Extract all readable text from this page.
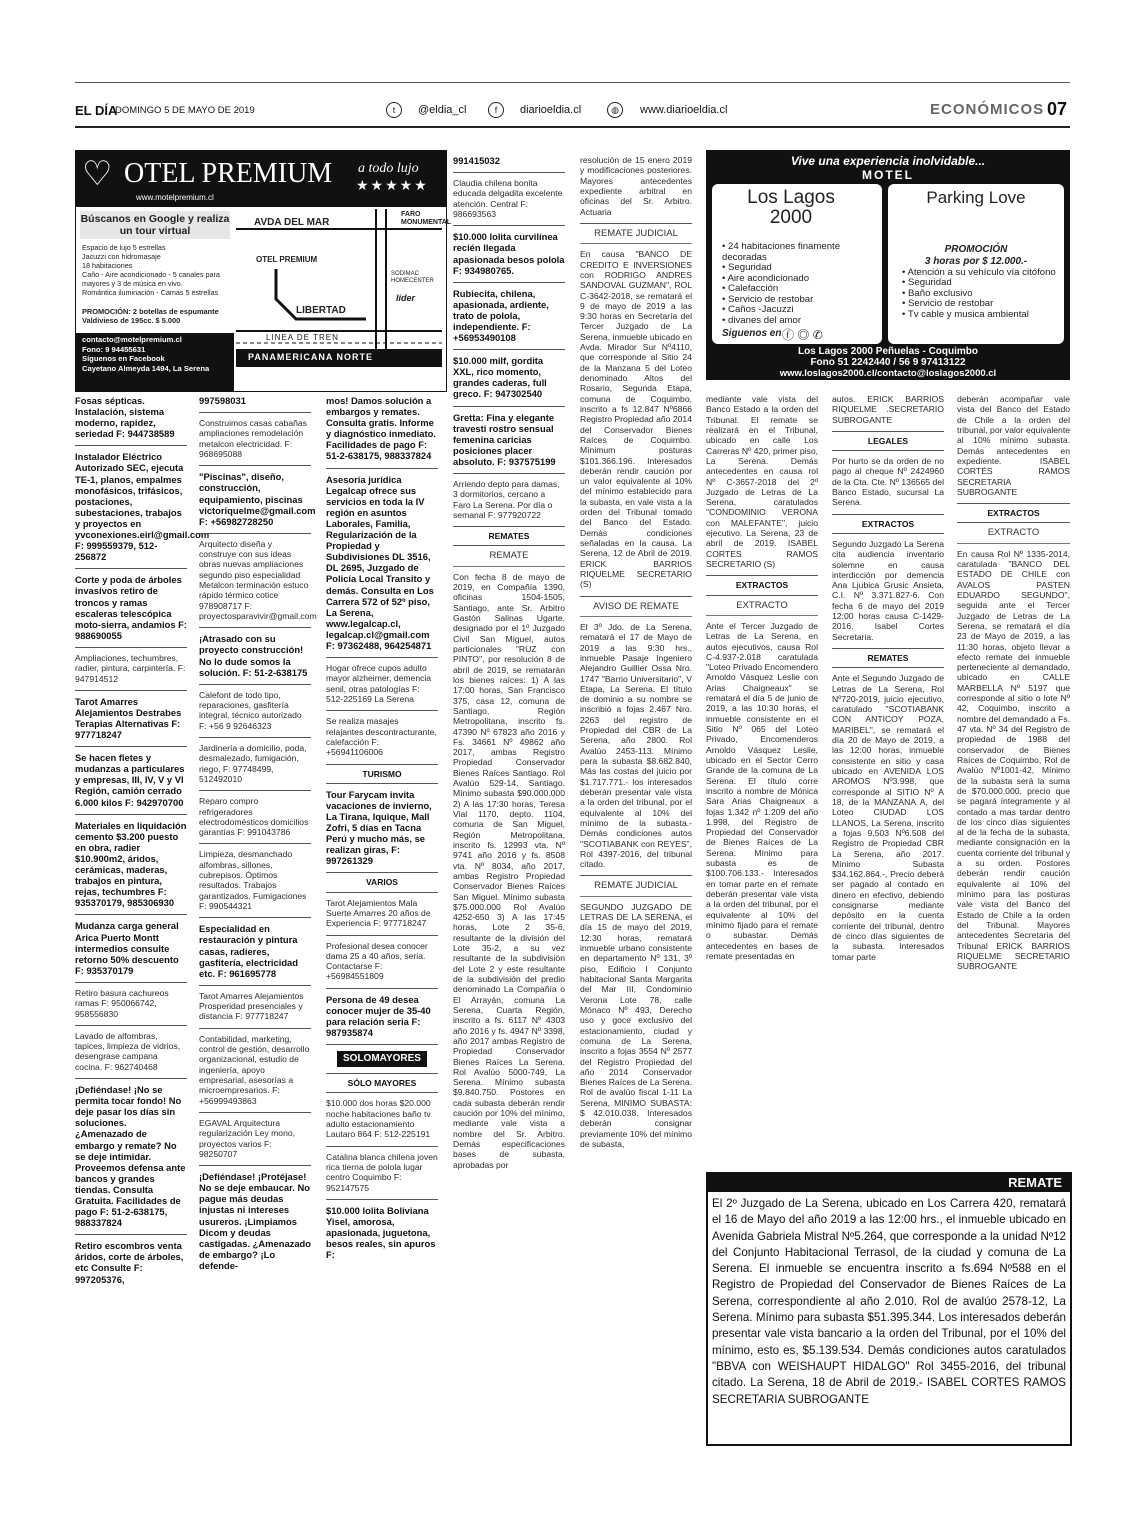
EL DÍA
DOMINGO 5 DE MAYO DE 2019	t	@eldia_cl	f	diarioeldia.cl	◍	www.diarioeldia.cl	ECONÓMICOS 07
♡ OTEL PREMIUM a todo lujo
★★★★★
www.motelpremium.cl
Búscanos en Google y realiza un tour virtual
Espacio de lujo 5 estrellas
Jacuzzi con hidromasaje
18 habitaciones
Caño - Aire acondicionado - 5 canales para mayores y 3 de música en vivo.
Romántica iluminación - Camas 5 estrellas
PROMOCIÓN: 2 botellas de espumante Valdivieso de 195cc. $ 5.000
contacto@motelpremium.cl
Fono: 9 94455631
Síguenos en Facebook
Cayetano Almeyda 1494, La Serena
AVDA DEL MAR
FARO MONUMENTAL
OTEL PREMIUM
SODIMAC HOMECENTER
líder
LIBERTAD
LINEA DE TREN
PANAMERICANA NORTE
Vive una experiencia inolvidable...
MOTEL
Los Lagos 2000
• 24 habitaciones finamente decoradas
• Seguridad
• Aire acondicionado
• Calefacción
• Servicio de restobar
• Caños -Jacuzzi
• divanes del amor
Siguenos en ⓕ ◎ ✆
Parking Love
PROMOCIÓN
3 horas por $ 12.000.-
• Atención a su vehículo vía citófono
• Seguridad
• Baño exclusivo
• Servicio de restobar
• Tv cable y musica ambiental
Los Lagos 2000 Peñuelas - Coquimbo
Fono 51 2242440 / 56 9 97413122
www.loslagos2000.cl/contacto@loslagos2000.cl

Fosas sépticas. Instalación, sistema moderno, rapidez, seriedad F: 944738589

Instalador Eléctrico Autorizado SEC, ejecuta TE-1, planos, empalmes monofásicos, trifásicos, postaciones, subestaciones, trabajos y proyectos en yvconexiones.eirl@gmail.com F: 999559379, 512-256872

Corte y poda de árboles invasivos retiro de troncos y ramas escaleras telescópica moto-sierra, andamios F: 988690055

Ampliaciones, techumbres, radier, pintura, carpintería. F: 947914512

Tarot Amarres Alejamientos Destrabes Terapias Alternativas F: 977718247

Se hacen fletes y mudanzas a particulares y empresas, III, IV, V y VI Región, camión cerrado 6.000 kilos F: 942970700

Materiales en liquidación cemento $3.200 puesto en obra, radier $10.900m2, áridos, cerámicas, maderas, trabajos en pintura, rejas, techumbres F: 935370179, 985306930

Mudanza carga general Arica Puerto Montt intermedios consulte retorno 50% descuento F: 935370179

Retiro basura cachureos ramas F: 950066742, 958556830

Lavado de alfombras, tapices, limpieza de vidrios, desengrase campana cocina. F: 962740468

¡Defiéndase! ¡No se permita tocar fondo! No deje pasar los días sin soluciones. ¿Amenazado de embargo y remate? No se deje intimidar. Proveemos defensa ante bancos y grandes tiendas. Consulta Gratuita. Facilidades de pago F: 51-2-638175, 988337824

Retiro escombros venta áridos, corte de árboles, etc Consulte F: 997205376,

997598031

Construimos casas cabañas ampliaciones remodelación metalcon electricidad. F: 968695088

"Piscinas", diseño, construcción, equipamiento, piscinas victoriquelme@gmail.com F: +56982728250

Arquitecto diseña y construye con sus ideas obras nuevas ampliaciones segundo piso especialidad Metalcon terminación estuco rápido térmico cotice 978908717 F: proyectosparavivir@gmail.com

¡Atrasado con su proyecto construcción! No lo dude somos la solución. F: 51-2-638175

Calefont de todo tipo, reparaciones, gasfitería integral, técnico autorizado F: +56 9 92646323

Jardinería a domicilio, poda, desmalezado, fumigación, riego, F: 97748499, 512492010

Reparo compro refrigeradores electrodomésticos domicilios garantías F: 991043786

Limpieza, desmanchado alfombras, sillones, cubrepisos. Óptimos resultados. Trabajos garantizados. Fumigaciones F: 990544321

Especialidad en restauración y pintura casas, radieres, gasfitería, electricidad etc. F: 961695778

Tarot Amarres Alejamientos Prosperidad presenciales y distancia F: 977718247

Contabilidad, marketing, control de gestión, desarrollo organizacional, estudio de ingeniería, apoyo empresarial, asesorías a microempresarios. F: +56999493863

EGAVAL Arquitectura regularización Ley mono, proyectos varios F: 98250707

¡Defiéndase! ¡Protéjase! No se deje embaucar. No pague más deudas injustas ni intereses usureros. ¡Limpiamos Dicom y deudas castigadas. ¿Amenazado de embargo? ¡Lo defende-

mos! Damos solución a embargos y remates. Consulta gratis. Informe y diagnóstico inmediato. Facilidades de pago F: 51-2-638175, 988337824

Asesoría jurídica Legalcap ofrece sus servicios en toda la IV región en asuntos Laborales, Familia, Regularización de la Propiedad y Subdivisiones DL 3516, DL 2695, Juzgado de Policía Local Transito y demás. Consulta en Los Carrera 572 of 52º piso, La Serena, www.legalcap.cl, legalcap.cl@gmail.com F: 97362488, 964254871

Hogar ofrece cupos adulto mayor alzheimer, demencia senil, otras patologías F: 512-225169 La Serena

Se realiza masajes relajantes descontracturante, calefacción F: +56941106006

TURISMO

Tour Farycam invita vacaciones de invierno, La Tirana, Iquique, Mall Zofri, 5 días en Tacna Perú y mucho más, se realizan giras, F: 997261329

VARIOS

Tarot Alejamientos Mala Suerte Amarres 20 años de Experiencia F: 977718247

Profesional desea conocer dama 25 a 40 años, seria. Contactarse F: +56984551809

Persona de 49 desea conocer mujer de 35-40 para relación seria F: 987935874

SOLOMAYORES

SÓLO MAYORES

$10.000 dos horas $20.000 noche habitaciones baño tv adulto estacionamiento Lautaro 864 F: 512-225191

Catalina blanca chilena joven rica tierna de polola lugar centro Coquimbo F: 952147575

$10.000 lolita Boliviana Yisel, amorosa, apasionada, juguetona, besos reales, sin apuros F:

991415032

Claudia chilena bonita educada delgadita excelente atención. Central F: 986693563

$10.000 lolita curvilínea recién llegada apasionada besos polola F: 934980765.

Rubiecita, chilena, apasionada, ardiente, trato de polola, independiente. F: +56953490108

$10.000 milf, gordita XXL, rico momento, grandes caderas, full greco. F: 947302540

Gretta: Fina y elegante travesti rostro sensual femenina caricias posiciones placer absoluto. F: 937575199

Arriendo depto para damas, 3 dormitorios, cercano a Faro La Serena. Por día o semanal F: 977920722

REMATES

REMATE

Con fecha 8 de mayo de 2019, en Compañía 1390, oficinas 1504-1505, Santiago, ante Sr. Arbitro Gastón Salinas Ugarte, designado por el 1º Juzgado Civil San Miguel, autos particionales "RUZ con PINTO", por resolución 8 de abril de 2019, se rematarán los bienes raíces: 1) A las 17:00 horas, San Francisco 375, casa 12, comuna de Santiago, Región Metropolitana, inscrito fs. 47390 Nº 67823 año 2016 y Fs. 34661 Nº 49862 año 2017, ambas Registro Propiedad Conservador Bienes Raíces Santiago. Rol Avalúo 529-14, Santiago. Mínimo subasta $90.000.000 2) A las 17:30 horas, Teresa Vial 1170, depto. 1104, comuna de San Miguel, Región Metropolitana, inscrito fs. 12993 vta. Nº 9741 año 2016 y fs. 8508 vta. Nº 8034, año 2017, ambas Registro Propiedad Conservador Bienes Raíces San Miguel. Mínimo subasta $75.000.000 Rol Avalúo 4252-650 3) A las 17:45 horas, Lote 2 35-6, resultante de la división del Lote 35-2, a su vez resultante de la subdivisión del Lote 2 y este resultante de la subdivisión del predio denominado La Compañía o El Arrayán, comuna La Serena, Cuarta Región, inscrito a fs. 6117 Nº 4303 año 2016 y fs. 4947 Nº 3398, año 2017 ambas Registro de Propiedad Conservador Bienes Raíces La Serena. Rol Avalúo 5000-749, La Serena. Mínimo subasta $9.840.750. Postores en cada subasta deberán rendir caución por 10% del mínimo, mediante vale vista a nombre del Sr. Arbitro. Demás especificaciones bases de subasta, aprobadas por

resolución de 15 enero 2019 y modificaciones posteriores. Mayores antecedentes expediente arbitral en oficinas del Sr. Arbitro. Actuaria

REMATE JUDICIAL

En causa "BANCO DE CREDITO E INVERSIONES con RODRIGO ANDRES SANDOVAL GUZMAN", ROL C-3642-2018, se rematará el 9 de mayo de 2019 a las 9:30 horas en Secretaría del Tercer Juzgado de La Serena, inmueble ubicado en Avda. Mirador Sur Nº4110, que corresponde al Sitio 24 de la Manzana 5 del Loteo denominado Altos del Rosario, Segunda Etapa, comuna de Coquimbo, inscrito a fs 12.847 Nº6866 Registro Propiedad año 2014 del Conservador Bienes Raíces de Coquimbo. Mínimum posturas $101.366.196. Interesados deberán rendir caución por un valor equivalente al 10% del mínimo establecido para la subasta, en vale vista a la orden del Tribunal tomado del Banco del Estado. Demás condiciones señaladas en la causa. La Serena, 12 de Abril de 2019. ERICK BARRIOS RIQUELME SECRETARIO (S)

AVISO DE REMATE

El 3º Jdo. de La Serena, rematará el 17 de Mayo de 2019 a las 9:30 hrs., inmueble Pasaje Ingeniero Alejandro Guillier Ossa Nro. 1747 "Barrio Universitario", V Etapa, La Serena. El título de dominio a su nombre se inscribió a fojas 2.467 Nro. 2263 del registro de Propiedad del CBR de La Serena, año 2800. Rol Avalúo 2453-113. Mínimo para la subasta $8.682.840, Más las costas del juicio por $1.717.771.- los interesados deberán presentar vale vista a la orden del tribunal, por el equivalente al 10% del mínimo de la subasta.- Demás condiciones autos "SCOTIABANK con REYES", Rol 4397-2016, del tribunal citado.

REMATE JUDICIAL

SEGUNDO JUZGADO DE LETRAS DE LA SERENA, el día 15 de mayo del 2019, 12:30 horas, rematará inmueble urbano consistente en departamento Nº 131, 3º piso, Edificio I Conjunto habitacional Santa Margarita del Mar III, Condominio Verona Lote 78, calle Mónaco Nº 493, Derecho uso y goce exclusivo del estacionamiento, ciudad y comuna de La Serena, inscrito a fojas 3554 Nº 2577 del Registro Propiedad del año 2014 Conservador Bienes Raíces de La Serena. Rol de avalúo fiscal 1-11 La Serena, MINIMO SUBASTA: $ 42.010.038. Interesados deberán consignar previamente 10% del mínimo de subasta,

mediante vale vista del Banco Estado a la orden del Tribunal. El remate se realizará en el Tribunal, ubicado en calle Los Carreras Nº 420, primer piso, La Serena. Demás antecedentes en causa rol Nº C-3657-2018 del 2º Juzgado de Letras de La Serena, caratulados "CONDOMINIO VERONA con MALEFANTE", juicio ejecutivo. La Serena, 23 de abril de 2019. ISABEL CORTES RAMOS SECRETARIO (S)

EXTRACTOS

EXTRACTO

Ante el Tercer Juzgado de Letras de La Serena, en autos ejecutivos, causa Rol C-4.937-2.018 caratulada "Loteo Privado Encomendero Arnoldo Vásquez Leslie con Arias Chaigneaux" se rematará el día 5 de junio de 2019, a las 10:30 horas, el inmueble consistente en el Sitio Nº 065 del Loteo Privado, Encomenderos Arnoldo Vásquez Leslie, ubicado en el Sector Cerro Grande de la comuna de La Serena. El título corre inscrito a nombre de Mónica Sara Arias Chaigneaux a fojas 1.342 nº 1.209 del año 1.998, del Registro de Propiedad del Conservador de Bienes Raíces de La Serena. Mínimo para subasta es de $100.706.133.- Interesados en tomar parte en el remate deberán presentar vale vista a la orden del tribunal, por el equivalente al 10% del mínimo fijado para el remate o subastar. Demás antecedentes en bases de remate presentadas en

autos. ERICK BARRIOS RIQUELME .SECRETARIO SUBROGANTE

LEGALES

Por hurto se da orden de no pago al cheque Nº 2424960 de la Cta. Cte. Nº 136565 del Banco Estado, sucursal La Serena.

EXTRACTOS

Segundo Juzgado La Serena cita audiencia inventario solemne en causa interdicción por demencia Ana Ljubica Grusic Ansieta, C.I. Nº 3.371.827-6. Con fecha 6 de mayo del 2019 12:00 horas causa C-1429-2016. Isabel Cortes Secretaria.

REMATES

Ante el Segundo Juzgado de Letras de La Serena, Rol Nº720-2019, juicio ejecutivo, caratulado "SCOTIABANK CON ANTICOY POZA, MARIBEL", se rematará el día 20 de Mayo de 2019, a las 12:00 horas, inmueble consistente en sitio y casa ubicado en AVENIDA LOS AROMOS Nº3.998, que corresponde al SITIO Nº A 18, de la MANZANA A, del Loteo CIUDAD LOS LLANOS, La Serena, inscrito a fojas 9.503 Nº6.508 del Registro de Propiedad CBR La Serena, año 2017. Mínimo Subasta $34.162.864.-, Precio deberá ser pagado al contado en dinero en efectivo, debiendo consignarse mediante depósito en la cuenta corriente del tribunal, dentro de cinco días siguientes de la subasta. Interesados tomar parte

deberán acompañar vale vista del Banco del Estado de Chile a la orden del tribunal, por valor equivalente al 10% mínimo subasta. Demás antecedentes en expediente. ISABEL CORTÉS RAMOS SECRETARIA SUBROGANTE

EXTRACTOS

EXTRACTO

En causa Rol Nº 1335-2014, caratulada "BANCO DEL ESTADO DE CHILE con AVALOS PASTEN EDUARDO SEGUNDO", seguida ante el Tercer Juzgado de Letras de La Serena, se rematará el día 23 de Mayo de 2019, a las 11:30 horas, objeto llevar a efecto remate del inmueble perteneciente al demandado, ubicado en CALLE MARBELLA Nº 5197 que corresponde al sitio o lote Nº 42, Coquimbo, inscrito a nombre del demandado a Fs. 47 vta. Nº 34 del Registro de propiedad de 1988 del conservador de Bienes Raíces de Coquimbo, Rol de Avalúo Nº1001-42, Mínimo de la subasta será la suma de $70.000.000, precio que se pagará íntegramente y al contado a mas tardar dentro de los cinco días siguientes al de la fecha de la subasta, mediante consignación en la cuenta corriente del tribunal y a su orden. Postores deberán rendir caución equivalente al 10% del mínimo para las posturas vale vista del Banco del Estado de Chile a la orden del Tribunal. Mayores antecedentes Secretaria del Tribunal ERICK BARRIOS RIQUELME SECRETARIO SUBROGANTE

REMATE
El 2º Juzgado de La Serena, ubicado en Los Carrera 420, rematará el 16 de Mayo del año 2019 a las 12:00 hrs., el inmueble ubicado en Avenida Gabriela Mistral Nº5.264, que corresponde a la unidad Nº12 del Conjunto Habitacional Terrasol, de la ciudad y comuna de La Serena. El inmueble se encuentra inscrito a fs.694 Nº588 en el Registro de Propiedad del Conservador de Bienes Raíces de La Serena, correspondiente al año 2.010. Rol de avalúo 2578-12, La Serena. Mínimo para subasta $51.395.344. Los interesados deberán presentar vale vista bancario a la orden del Tribunal, por el 10% del mínimo, esto es, $5.139.534. Demás condiciones autos caratulados "BBVA con WEISHAUPT HIDALGO" Rol 3455-2016, del tribunal citado. La Serena, 18 de Abril de 2019.- ISABEL CORTES RAMOS SECRETARIA SUBROGANTE
